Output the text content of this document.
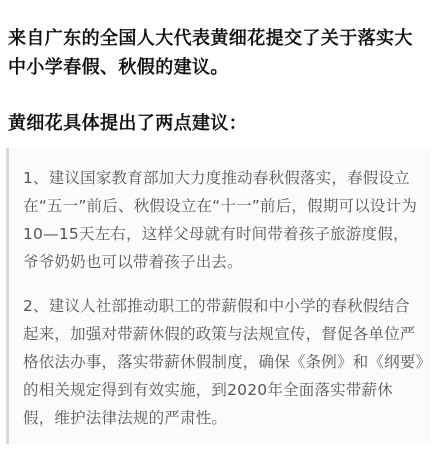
来自广东的全国人大代表黄细花提交了关于落实大中小学春假、秋假的建议。

黄细花具体提出了两点建议：

1、建议国家教育部加大力度推动春秋假落实，春假设立在“五一”前后、秋假设立在“十一”前后，假期可以设计为10—15天左右，这样父母就有时间带着孩子旅游度假，爷爷奶奶也可以带着孩子出去。

2、建议人社部推动职工的带薪假和中小学的春秋假结合起来，加强对带薪休假的政策与法规宣传，督促各单位严格依法办事，落实带薪休假制度，确保《条例》和《纲要》的相关规定得到有效实施，到2020年全面落实带薪休假，维护法律法规的严肃性。
